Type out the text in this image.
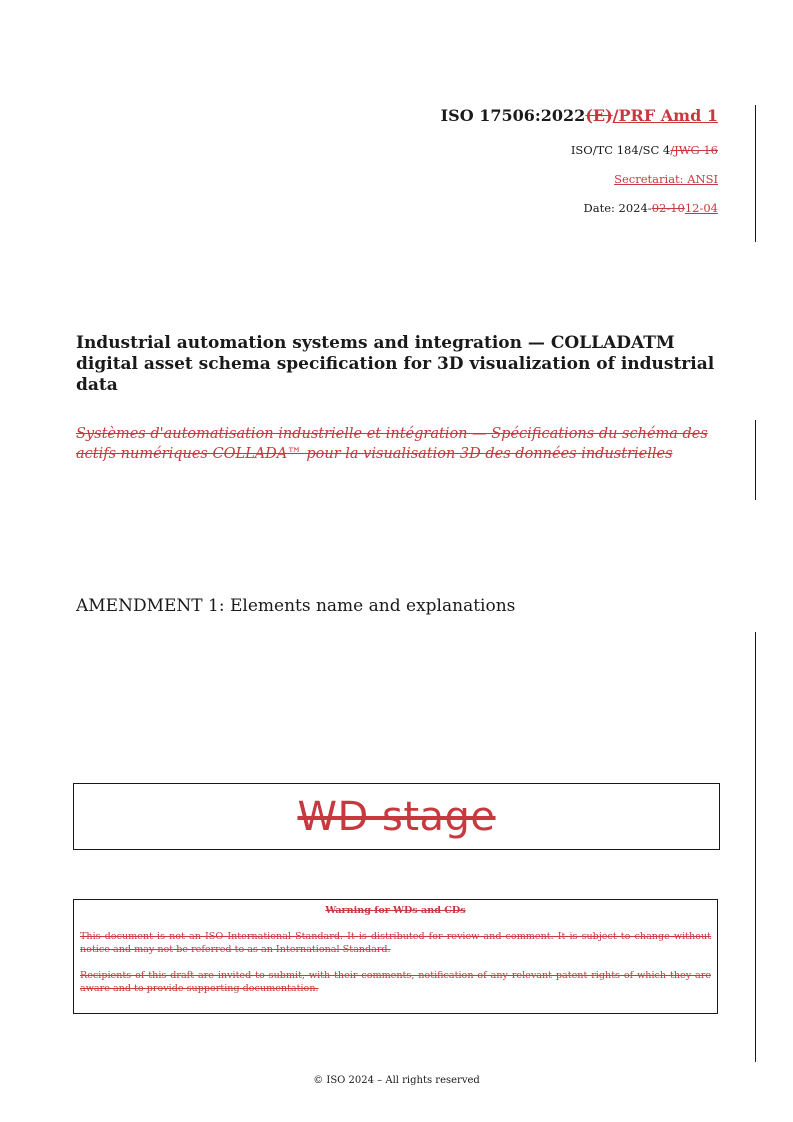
ISO 17506:2022(E)/PRF Amd 1
ISO/TC 184/SC 4/JWG 16
Secretariat: ANSI
Date: 2024-02-1012-04
Industrial automation systems and integration — COLLADATM digital asset schema specification for 3D visualization of industrial data
Systèmes d'automatisation industrielle et intégration — Spécifications du schéma des actifs numériques COLLADA™ pour la visualisation 3D des données industrielles
AMENDMENT 1: Elements name and explanations
WD stage
Warning for WDs and CDs

This document is not an ISO International Standard. It is distributed for review and comment. It is subject to change without notice and may not be referred to as an International Standard.

Recipients of this draft are invited to submit, with their comments, notification of any relevant patent rights of which they are aware and to provide supporting documentation.

© ISO 2024 – All rights reserved
